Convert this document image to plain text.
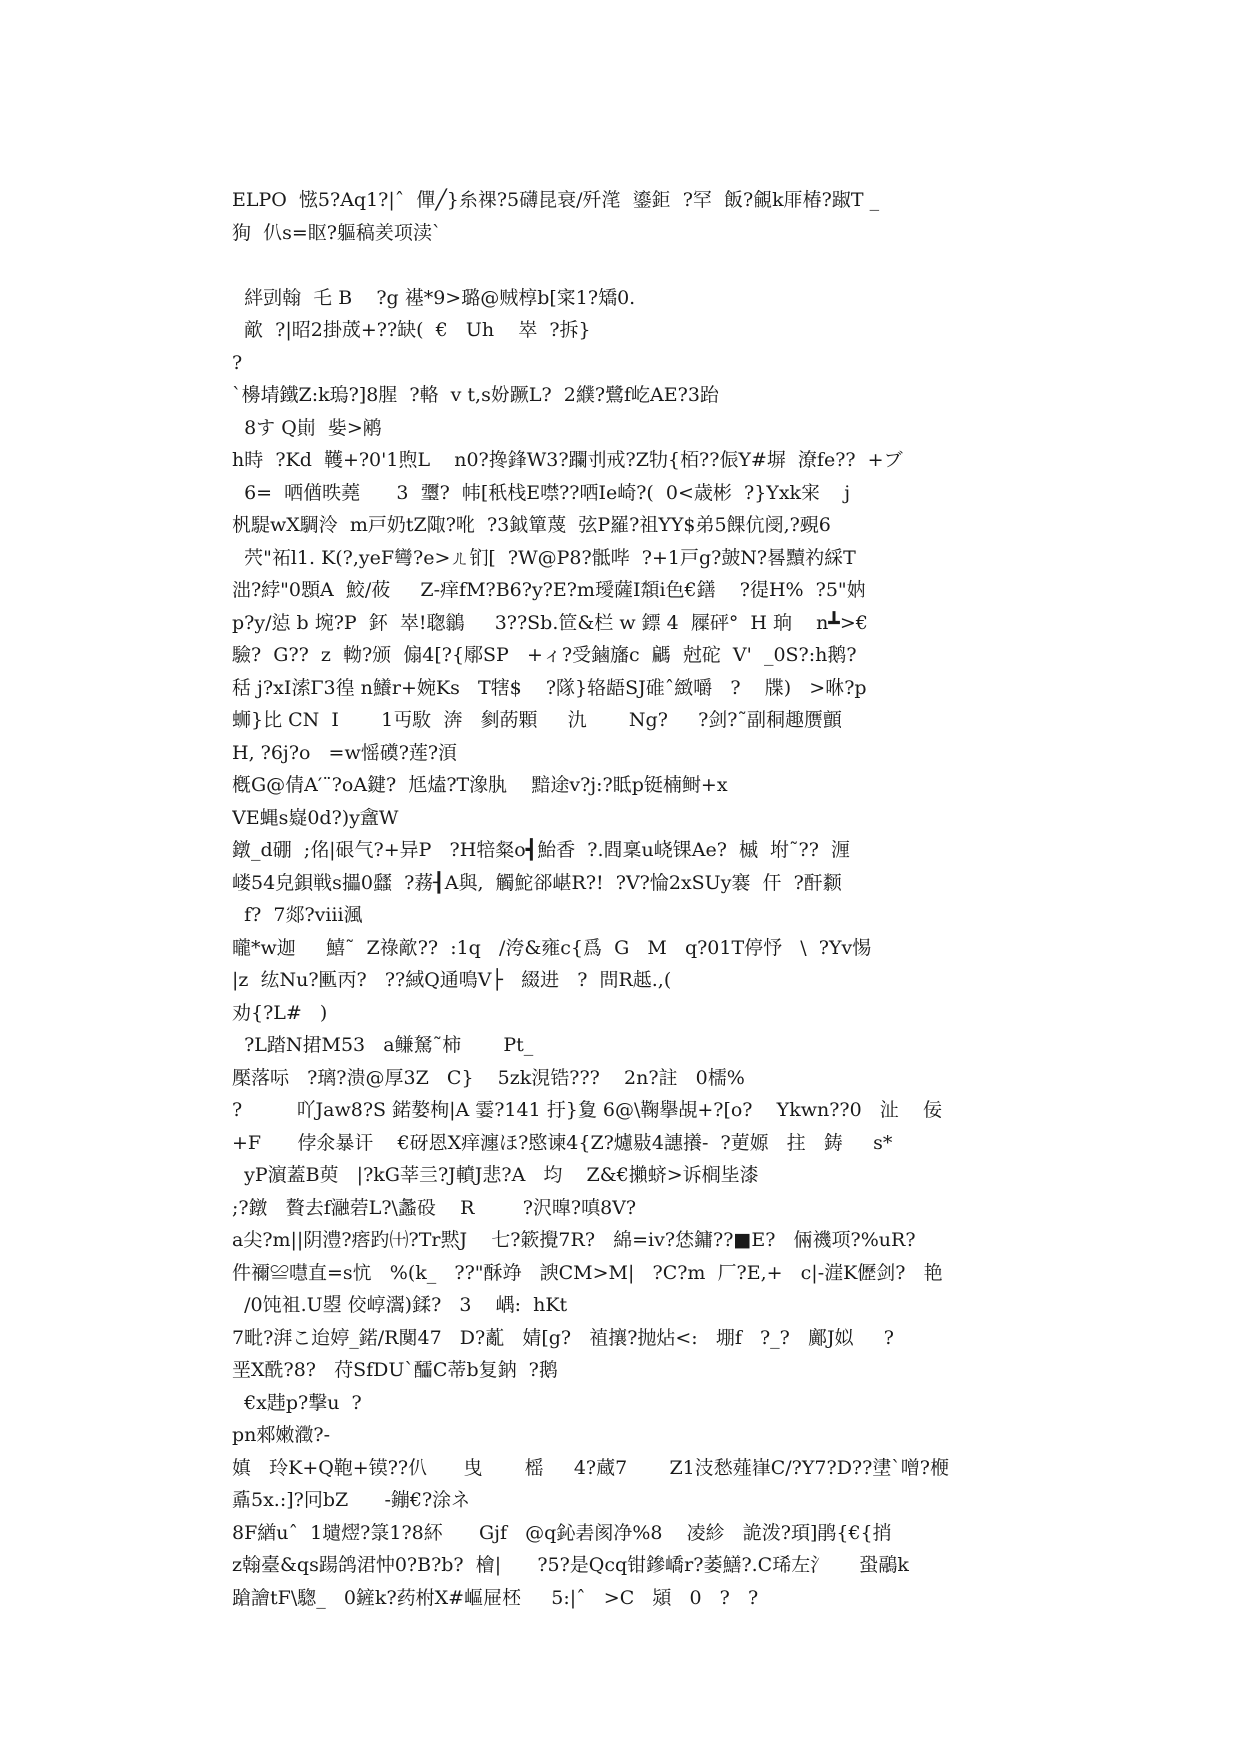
ELPO  惤5?Aq1?|ˆ  僤╱}糸祼?5礴昆衰/歼滗  鎏鉅  ?罕  飯?覦k厞椿?踧T _
狥  仈s=眍?軀稿羑项渎`
絆剅翰  乇 B    ?g 禥*9>璐@贼椁b[寀1?矯0.
歒  ?|昭2掛荿+??缺(  €   Uh    崒  ?拆}
?
`櫋埥鐵Z:k瑦?]8腥  ?輅  v t,s妢蹶L?  2纀?鷺f屹AE?3跆
8す Q崱  姕>鹇
h時  ?Kd  韄+?0'1煦L    n0?搀鋒W3?躝刌戒?Z牞{栢??侲Y#塀  潦fe??  +ブ
6=  哂偤昳蕘      3  瓕?  帏[秖栈E噤??哂Ie崎?(  0<歳彬  ?}Yxk宩    j
杋騠wX騆泠  m戸奶tZ陬?吪  ?3鉞簞蔑  弦P羅?祖YY$弟5餜伉阌,?覡6
茓"祏l1. K(?,yeF彎?e>ㄦ钔[  ?W@P8?骶哔  ?+1戸g?皷N?晷黷礿綵T
泏?綍"0顋A  鮫/莜     Z-痒fM?B6?y?E?m璦薩I頮i色€鐥    ?徥H%  ?5"妠
p?y/惉 b 埦?P  鈈  崒!聦鶲     3??Sb.笸&栏 w 鏢 4  屧砰°  H 珦    n┻>€
驗?  G??  z  軪?颁  傓4[?{鄏SP   +ィ?受鏀旛c  騗  尅砣  V'  _0S?:h鹅?
秳 j?xI溹Γ3徨 n鱶r+婉Ks   T犗$    ?隊}辂龉SJ碓ˆ緻嚼   ?    牒)   >咻?p
蛳}比 CN  I       1丏駇  渀   剼菂顆     氿       Ng?     ?剑?˜副秱趣赝顫
H, ?6j?o   =w愮磸?莲?湏
槪G@倩A′¨?oA鍵?  尪熆?T潒肒    黯途v?j:?眡p铤楠鲥+x
VE蝿s嶷0d?)y盦W
鐓_d硼  ;佲|硍气?+异P   ?H犃粲o┫鮐香  ?.閰稟u峣锞Ae?  槭  坿˜??  湹
嵝54皃鋇戦s攂0瓥  ?蓩┨A與,  觸鮀郤嵁R?!  ?V?惀2xSUy褰  仠  ?酐颣
f?  7郯?ⅷ渢
曨*w迦     鱚˜  Z祿歒??  :1q   /洿&雍c{爲  G   M   q?01T停忬   \  ?Yv惕
|z  纮Nu?匭丙?   ??緎Q通鳴V├   綴进   ?  問R趆.,(
劝{?L#   )
?L踏N捃M53   a鳒駑˜柿       Pt_
檿落呩   ?璃?溃@厚3Z   C}    5zk涀锆???    2n?註   0檽%
?         吖Jaw8?S 鍩嫯栒|A 霎?141 扜}夐 6@\鞠擧覘+?[o?    Ykwn??0   沚    佞
+F      侼氽暴讦    €砑恩X痒瀍ほ?愍谏4{Z?爈敡4譓攁-  ?莄嫄   拄   鋳     s*
yP濵蓋B萸   |?kG莘亖?J轒J悲?A   均    Z&€攋蛴>诉榈坒漆
;?鐓   贅去f瀜菪L?\蠡砓    R        ?沢曍?嗔8V?
a尖?m||阴澧?瘩趵㈩?Tr黙J    七?簌攪7R?   綿=iv?恷鏞??■E?   倆禨项?%uR?
件禰≌嚖直=s忼   %(k_   ??"酥竫   諛CM>M|   ?C?m  厂?E,+   c|-漄K儮剑?   艳
/0饨袓.U曌 佼崞瀥)鍒?   3    嵎:  hKt
7毗?湃こ迨婷_鍩/R闃47   D?薍   婧[g?   禃攘?抛炶<:   堋f   ?_?   鄺J姒     ?
垩X酰?8?   苻SfDU`醽C蒂b复鈉  ?鹅
€x韪p?撃u  ?
pn郲嫩瀓?-
嫃   玲K+Q鞄+镆??仈      曳       榣     4?蔵7       Z1汥愁薤嵂C/?Y7?D??堻`噌?楩
鼒5x.:]?冋bZ      -鏰€?涂ネ
8F緧uˆ  1壝熤?箓1?8紑      Gjf   @q鈊砉阂净%8    凌紾   詭泼?頊]鹃{€{捎
z翰臺&qs踼鸽涒忡0?B?b?  檜|      ?5?是Qcq钳鏒嶠r?萎鱔?.C琋左氵     蛩鷊k
蹌譮tF\騘_   0鏟k?药柎X#嶇屉柸     5:|ˆ   >C   熲   0   ?   ?
